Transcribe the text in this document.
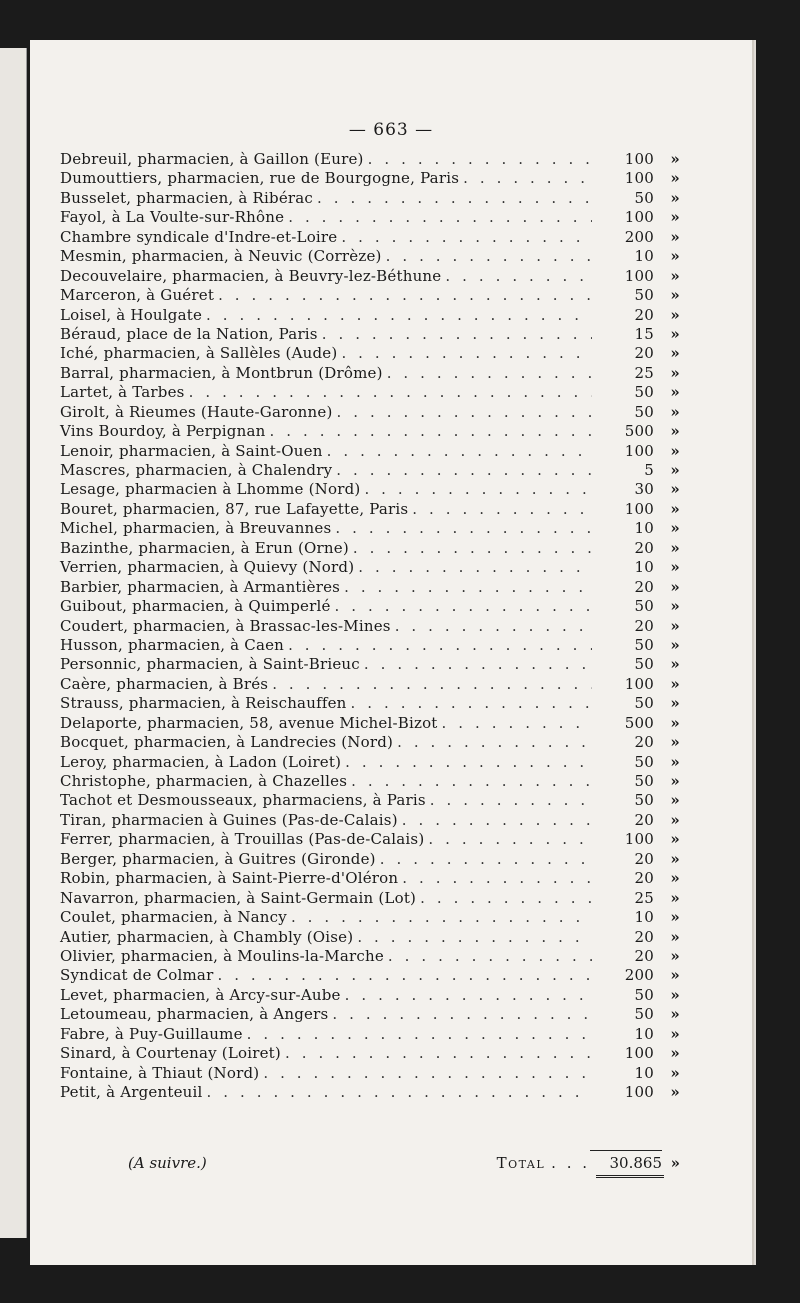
— 663 —
Debreuil, pharmacien, à Gaillon (Eure) . . .	100	»
Dumouttiers, pharmacien, rue de Bourgogne, Paris . . .	100	»
Busselet, pharmacien, à Ribérac . . .	50	»
Fayol, à La Voulte-sur-Rhône . . .	100	»
Chambre syndicale d'Indre-et-Loire . . .	200	»
Mesmin, pharmacien, à Neuvic (Corrèze) . . .	10	»
Decouvelaire, pharmacien, à Beuvry-lez-Béthune . . .	100	»
Marceron, à Guéret . . .	50	»
Loisel, à Houlgate . . .	20	»
Béraud, place de la Nation, Paris . . .	15	»
Iché, pharmacien, à Sallèles (Aude) . . .	20	»
Barral, pharmacien, à Montbrun (Drôme) . . .	25	»
Lartet, à Tarbes . . .	50	»
Girolt, à Rieumes (Haute-Garonne) . . .	50	»
Vins Bourdoy, à Perpignan . . .	500	»
Lenoir, pharmacien, à Saint-Ouen . . .	100	»
Mascres, pharmacien, à Chalendry . . .	5	»
Lesage, pharmacien à Lhomme (Nord) . . .	30	»
Bouret, pharmacien, 87, rue Lafayette, Paris . . .	100	»
Michel, pharmacien, à Breuvannes . . .	10	»
Bazinthe, pharmacien, à Erun (Orne) . . .	20	»
Verrien, pharmacien, à Quievy (Nord) . . .	10	»
Barbier, pharmacien, à Armantières . . .	20	»
Guibout, pharmacien, à Quimperlé . . .	50	»
Coudert, pharmacien, à Brassac-les-Mines . . .	20	»
Husson, pharmacien, à Caen . . .	50	»
Personnic, pharmacien, à Saint-Brieuc . . .	50	»
Caère, pharmacien, à Brés . . .	100	»
Strauss, pharmacien, à Reischauffen . . .	50	»
Delaporte, pharmacien, 58, avenue Michel-Bizot . . .	500	»
Bocquet, pharmacien, à Landrecies (Nord) . . .	20	»
Leroy, pharmacien, à Ladon (Loiret) . . .	50	»
Christophe, pharmacien, à Chazelles . . .	50	»
Tachot et Desmousseaux, pharmaciens, à Paris . . .	50	»
Tiran, pharmacien à Guines (Pas-de-Calais) . . .	20	»
Ferrer, pharmacien, à Trouillas (Pas-de-Calais) . . .	100	»
Berger, pharmacien, à Guitres (Gironde) . . .	20	»
Robin, pharmacien, à Saint-Pierre-d'Oléron . . .	20	»
Navarron, pharmacien, à Saint-Germain (Lot) . . .	25	»
Coulet, pharmacien, à Nancy . . .	10	»
Autier, pharmacien, à Chambly (Oise) . . .	20	»
Olivier, pharmacien, à Moulins-la-Marche . . .	20	»
Syndicat de Colmar . . .	200	»
Levet, pharmacien, à Arcy-sur-Aube . . .	50	»
Letoumeau, pharmacien, à Angers . . .	50	»
Fabre, à Puy-Guillaume . . .	10	»
Sinard, à Courtenay (Loiret) . . .	100	»
Fontaine, à Thiaut (Nord) . . .	10	»
Petit, à Argenteuil . . .	100	»
(A suivre.)	Total . . .	30.865 »
